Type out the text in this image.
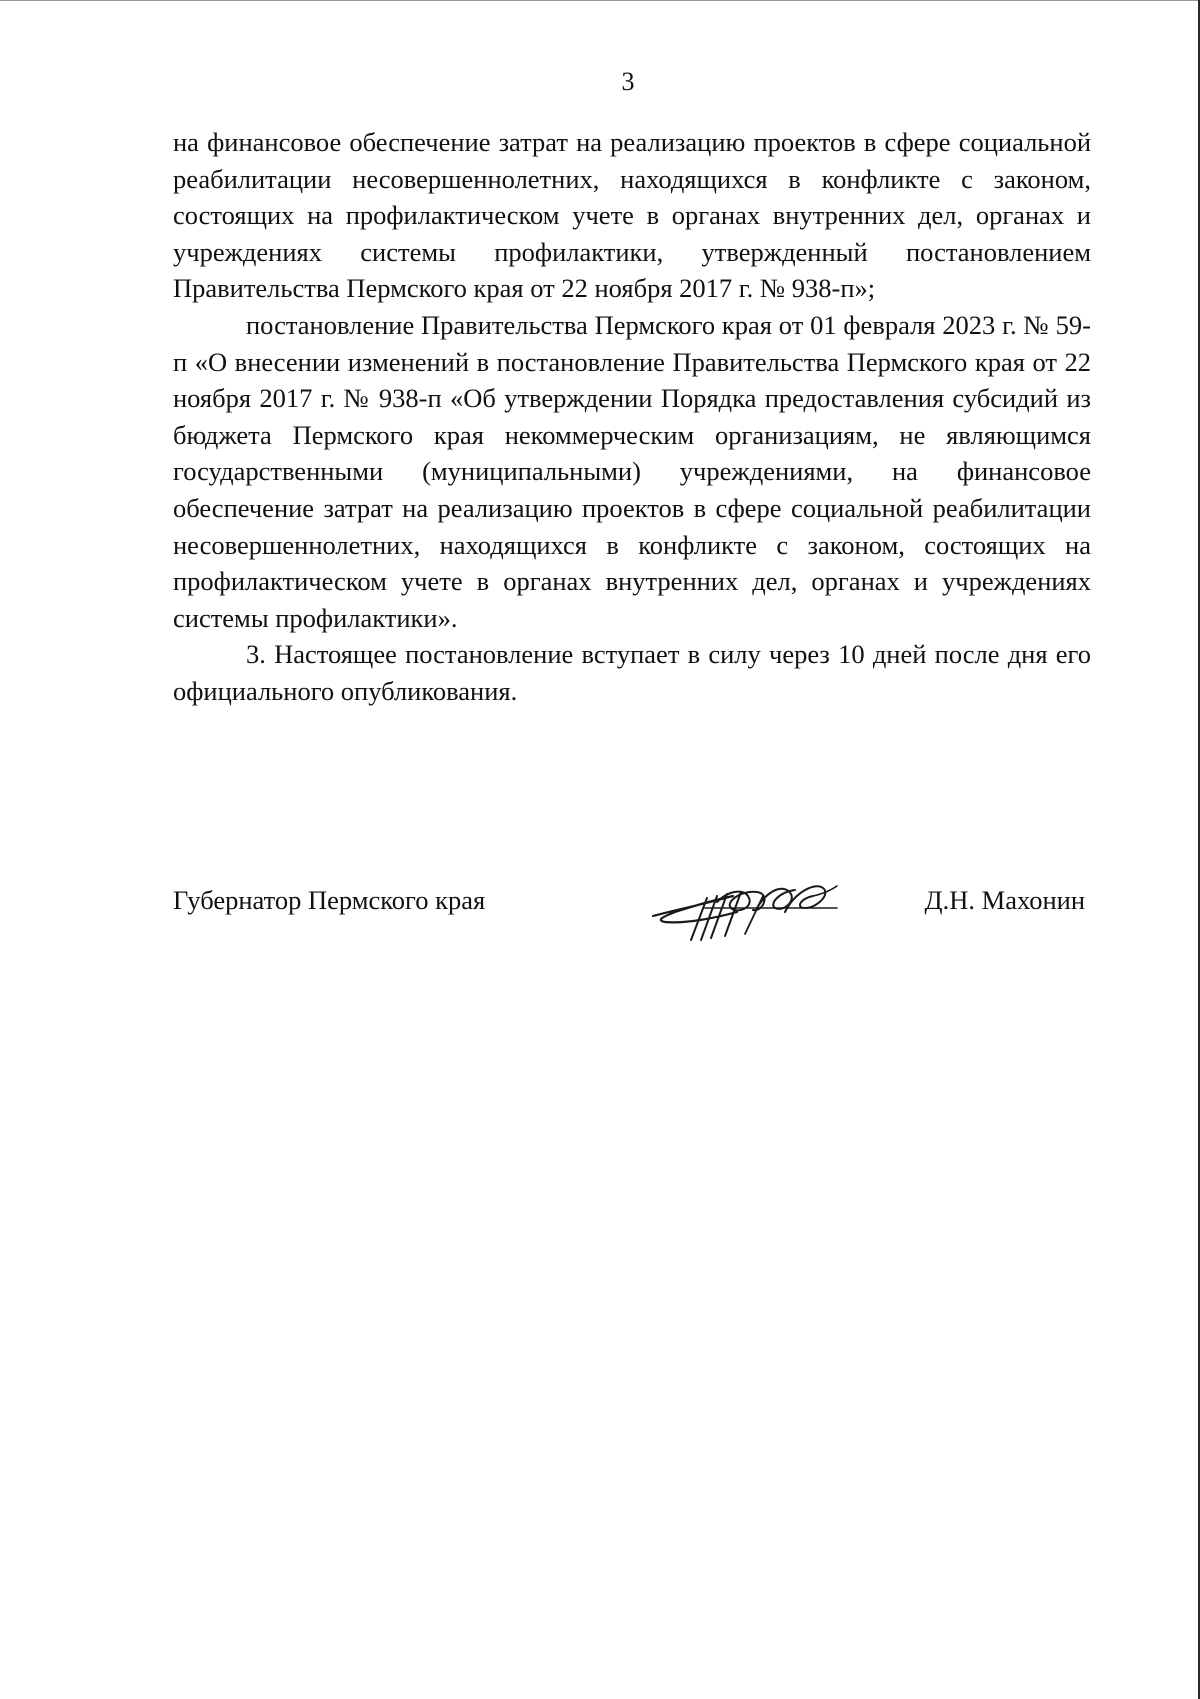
3

на финансовое обеспечение затрат на реализацию проектов в сфере социальной реабилитации несовершеннолетних, находящихся в конфликте с законом, состоящих на профилактическом учете в органах внутренних дел, органах и учреждениях системы профилактики, утвержденный постановлением Правительства Пермского края от 22 ноября 2017 г. № 938-п»;

постановление Правительства Пермского края от 01 февраля 2023 г. № 59-п «О внесении изменений в постановление Правительства Пермского края от 22 ноября 2017 г. № 938-п «Об утверждении Порядка предоставления субсидий из бюджета Пермского края некоммерческим организациям, не являющимся государственными (муниципальными) учреждениями, на финансовое обеспечение затрат на реализацию проектов в сфере социальной реабилитации несовершеннолетних, находящихся в конфликте с законом, состоящих на профилактическом учете в органах внутренних дел, органах и учреждениях системы профилактики».

3. Настоящее постановление вступает в силу через 10 дней после дня его официального опубликования.

Губернатор Пермского края	Д.Н. Махонин
